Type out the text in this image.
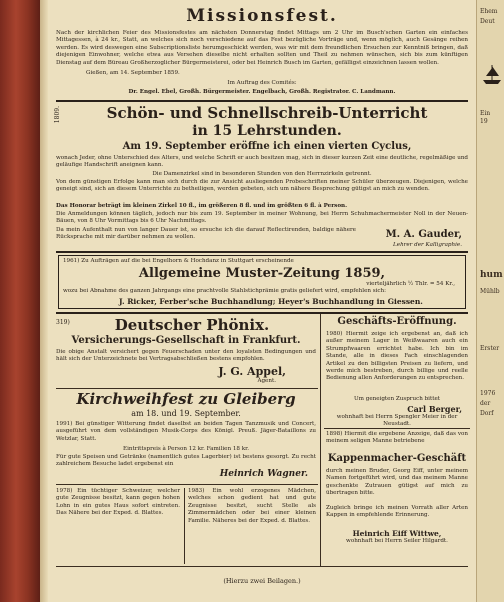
Missionsfest.
Nach der kirchlichen Feier des Missionsfestes am nächsten Donnerstag findet Mittags um 2 Uhr im Busch'schen Garten ein einfaches Mittagessen, à 24 kr., Statt, an welches sich noch verschiedene auf das Fest bezügliche Vorträge und, wenn möglich, auch Gesänge reihen werden. Es wird deswegen eine Subscriptionsliste herumgeschickt werden, was wir mit dem freundlichen Ersuchen zur Kenntniß bringen, daß diejenigen Einwohner, welche etwa aus Versehen dieselbe nicht erhalten sollten und Theil zu nehmen wünschen, sich bis zum künftigen Dienstag auf dem Büreau Großherzoglicher Bürgermeisterei, oder bei Heinrich Busch im Garten, gefälligst einzeichnen lassen wollen.
Gießen, am 14. September 1859.
Im Auftrag des Comités:
Dr. Engel. Ebel, Großh. Bürgermeister. Engelbach, Großh. Registrator. C. Landmann.
1809.	Schön- und Schnellschreib-Unterricht
in 15 Lehrstunden.
Am 19. September eröffne ich einen vierten Cyclus,
wonach Jeder, ohne Unterschied des Alters, und welche Schrift er auch besitzen mag, sich in dieser kurzen Zeit eine deutliche, regelmäßige und geläufige Handschrift aneignen kann.
Die Damenzirkel sind in besonderen Stunden von den Herrnzirkeln getrennt.
Von dem günstigen Erfolge kann man sich durch die zur Ansicht ausliegenden Probeschriften meiner Schüler überzeugen. Diejenigen, welche geneigt sind, sich an diesem Unterrichte zu betheiligen, werden gebeten, sich um nähere Besprechung gütigst an mich zu wenden.
Das Honorar beträgt im kleinen Zirkel 10 fl., im größeren 8 fl. und im größten 6 fl. à Person.
Die Anmeldungen können täglich, jedoch nur bis zum 19. September in meiner Wohnung, bei Herrn Schuhmachermeister Noll in der Neuen-Bäuen, von 8 Uhr Vormittags bis 6 Uhr Nachmittags.
Da mein Aufenthalt nun von langer Dauer ist, so ersuche ich die darauf Reflectirenden, baldige nähere Rücksprache mit mir darüber nehmen zu wollen.	M. A. Gauder,
Lehrer der Kalligraphie.
1961) Zu Aufträgen auf die bei Engelhorn & Hochdanz in Stuttgart erscheinende
Allgemeine Muster-Zeitung 1859,
vierteljährlich ½ Thlr. = 54 Kr.,
wozu bei Abnahme des ganzen Jahrgangs eine prachtvolle Stahlstichprämie gratis geliefert wird, empfehlen sich:
J. Ricker, Ferber'sche Buchhandlung; Heyer's Buchhandlung in Giessen.
319)	Deutscher Phönix.
Versicherungs-Gesellschaft in Frankfurt.
Die obige Anstalt versichert gegen Feuerschaden unter den loyalsten Bedingungen und hält sich der Unterzeichnete bei Vertragsabschließen bestens empfohlen.
J. G. Appel,
Agent.
Kirchweihfest zu Gleiberg
am 18. und 19. September.
1991) Bei günstiger Witterung findet daselbst an beiden Tagen Tanzmusik und Concert, ausgeführt von dem vollständigen Musik-Corps des Königl. Preuß. Jäger-Bataillons zu Wetzlar, Statt.
Eintrittspreis à Person 12 kr. Familien 18 kr.
Für gute Speisen und Getränke (namentlich gutes Lagerbier) ist bestens gesorgt. Zu recht zahlreichem Besuche ladet ergebenst ein
Heinrich Wagner.
1978) Ein tüchtiger Schweizer, welcher gute Zeugnisse besitzt, kann gegen hohen Lohn in ein gutes Haus sofort eintreten. Das Nähere bei der Exped. d. Blattes.
1983) Ein wohl erzogenes Mädchen, welches schon gedient hat und gute Zeugnisse besitzt, sucht Stelle als Zimmermädchen oder bei einer kleinen Familie. Näheres bei der Exped. d. Blattes.
Geschäfts-Eröffnung.
1980) Hiermit zeige ich ergebenst an, daß ich außer meinem Lager in Weißwaaren auch ein Strumpfwaaren errichtet habe. Ich bin im Stande, alle in dieses Fach einschlagenden Artikel zu den billigsten Preisen zu liefern, und werde mich bestreben, durch billige und reelle Bedienung allen Anforderungen zu entsprechen.
Um geneigten Zuspruch bittet
Carl Berger,
wohnhaft bei Herrn Spengler Meier in der Neustadt.
1898) Hiermit die ergebene Anzeige, daß das von meinem seligen Manne betriebene
Kappenmacher-Geschäft
durch meinen Bruder, Georg Eiff, unter meinem Namen fortgeführt wird, und das meinem Manne geschenkte Zutrauen gütigst auf mich zu übertragen bitte.
Zugleich bringe ich meinen Vorrath aller Arten Kappen in empfehlende Erinnerung.
Heinrich Eiff Wittwe,
wohnhaft bei Herrn Seiler Hilgardt.
(Hierzu zwei Beilagen.)
Ehem
Deut
Ein
19
hum
Mühlb
Erster
1976
der
Dorf
